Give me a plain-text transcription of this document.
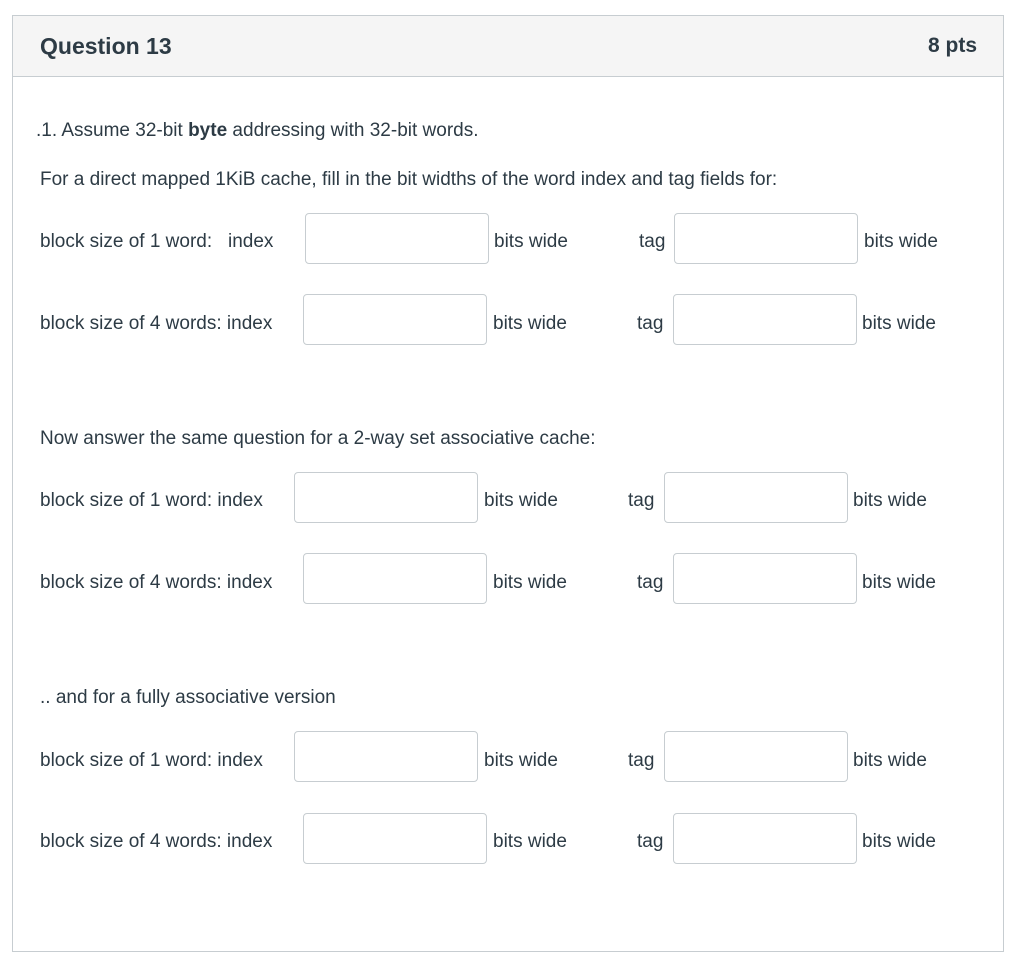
Question 13	8 pts
.1. Assume 32-bit byte addressing with 32-bit words.
For a direct mapped 1KiB cache, fill in the bit widths of the word index and tag fields for:
block size of 1 word:   index	bits wide	tag	bits wide
block size of 4 words: index	bits wide	tag	bits wide
Now answer the same question for a 2-way set associative cache:
block size of 1 word: index	bits wide	tag	bits wide
block size of 4 words: index	bits wide	tag	bits wide
.. and for a fully associative version
block size of 1 word: index	bits wide	tag	bits wide
block size of 4 words: index	bits wide	tag	bits wide
